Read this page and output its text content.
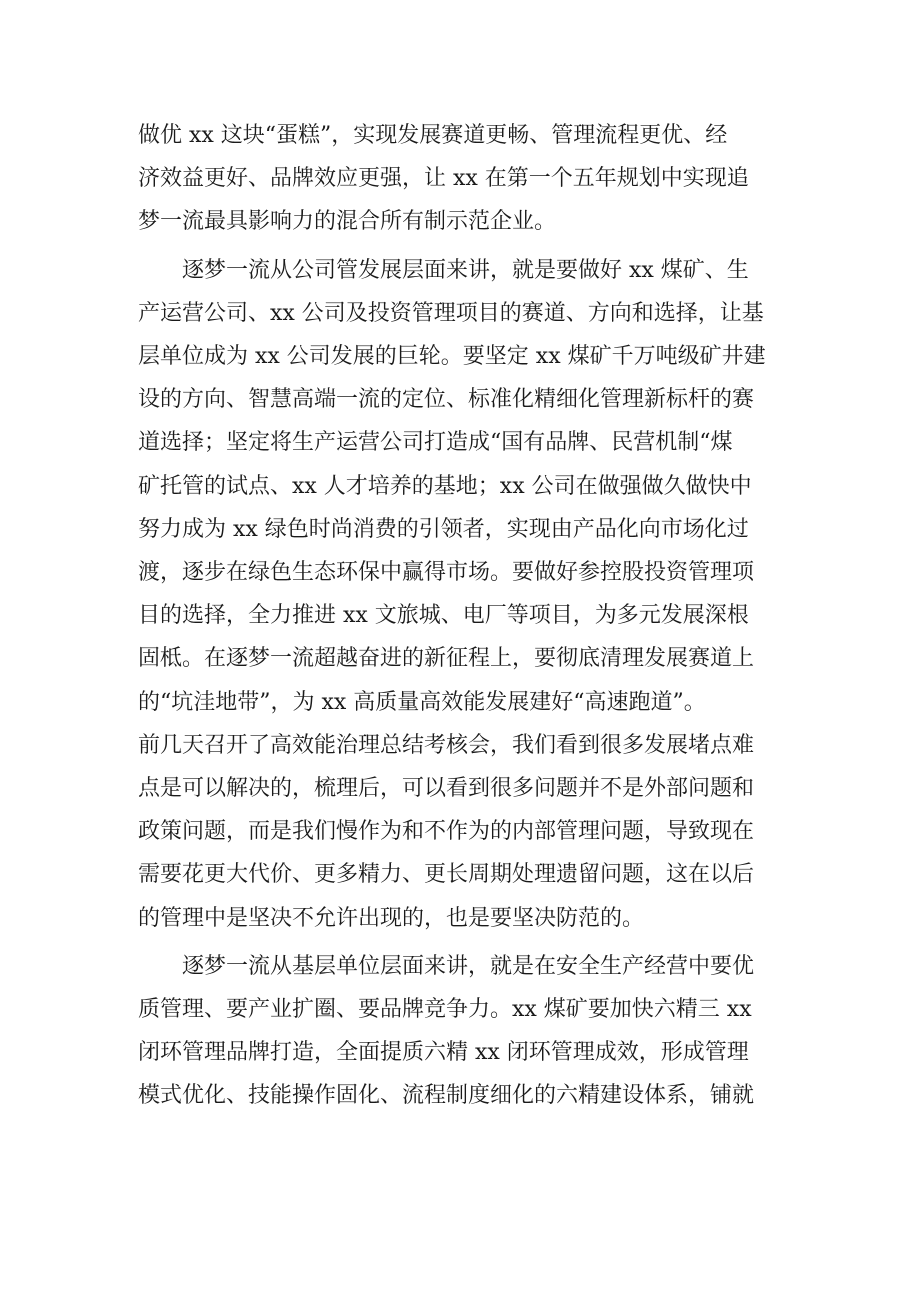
做优 xx 这块“蛋糕”，实现发展赛道更畅、管理流程更优、经
济效益更好、品牌效应更强，让 xx 在第一个五年规划中实现追
梦一流最具影响力的混合所有制示范企业。

逐梦一流从公司管发展层面来讲，就是要做好 xx 煤矿、生
产运营公司、xx 公司及投资管理项目的赛道、方向和选择，让基
层单位成为 xx 公司发展的巨轮。要坚定 xx 煤矿千万吨级矿井建
设的方向、智慧高端一流的定位、标准化精细化管理新标杆的赛
道选择；坚定将生产运营公司打造成“国有品牌、民营机制“煤
矿托管的试点、xx 人才培养的基地；xx 公司在做强做久做快中
努力成为 xx 绿色时尚消费的引领者，实现由产品化向市场化过
渡，逐步在绿色生态环保中赢得市场。要做好参控股投资管理项
目的选择，全力推进 xx 文旅城、电厂等项目，为多元发展深根
固柢。在逐梦一流超越奋进的新征程上，要彻底清理发展赛道上
的“坑洼地带”，为 xx 高质量高效能发展建好“高速跑道”。
前几天召开了高效能治理总结考核会，我们看到很多发展堵点难
点是可以解决的，梳理后，可以看到很多问题并不是外部问题和
政策问题，而是我们慢作为和不作为的内部管理问题，导致现在
需要花更大代价、更多精力、更长周期处理遗留问题，这在以后
的管理中是坚决不允许出现的，也是要坚决防范的。

逐梦一流从基层单位层面来讲，就是在安全生产经营中要优
质管理、要产业扩圈、要品牌竞争力。xx 煤矿要加快六精三 xx
闭环管理品牌打造，全面提质六精 xx 闭环管理成效，形成管理
模式优化、技能操作固化、流程制度细化的六精建设体系，铺就
